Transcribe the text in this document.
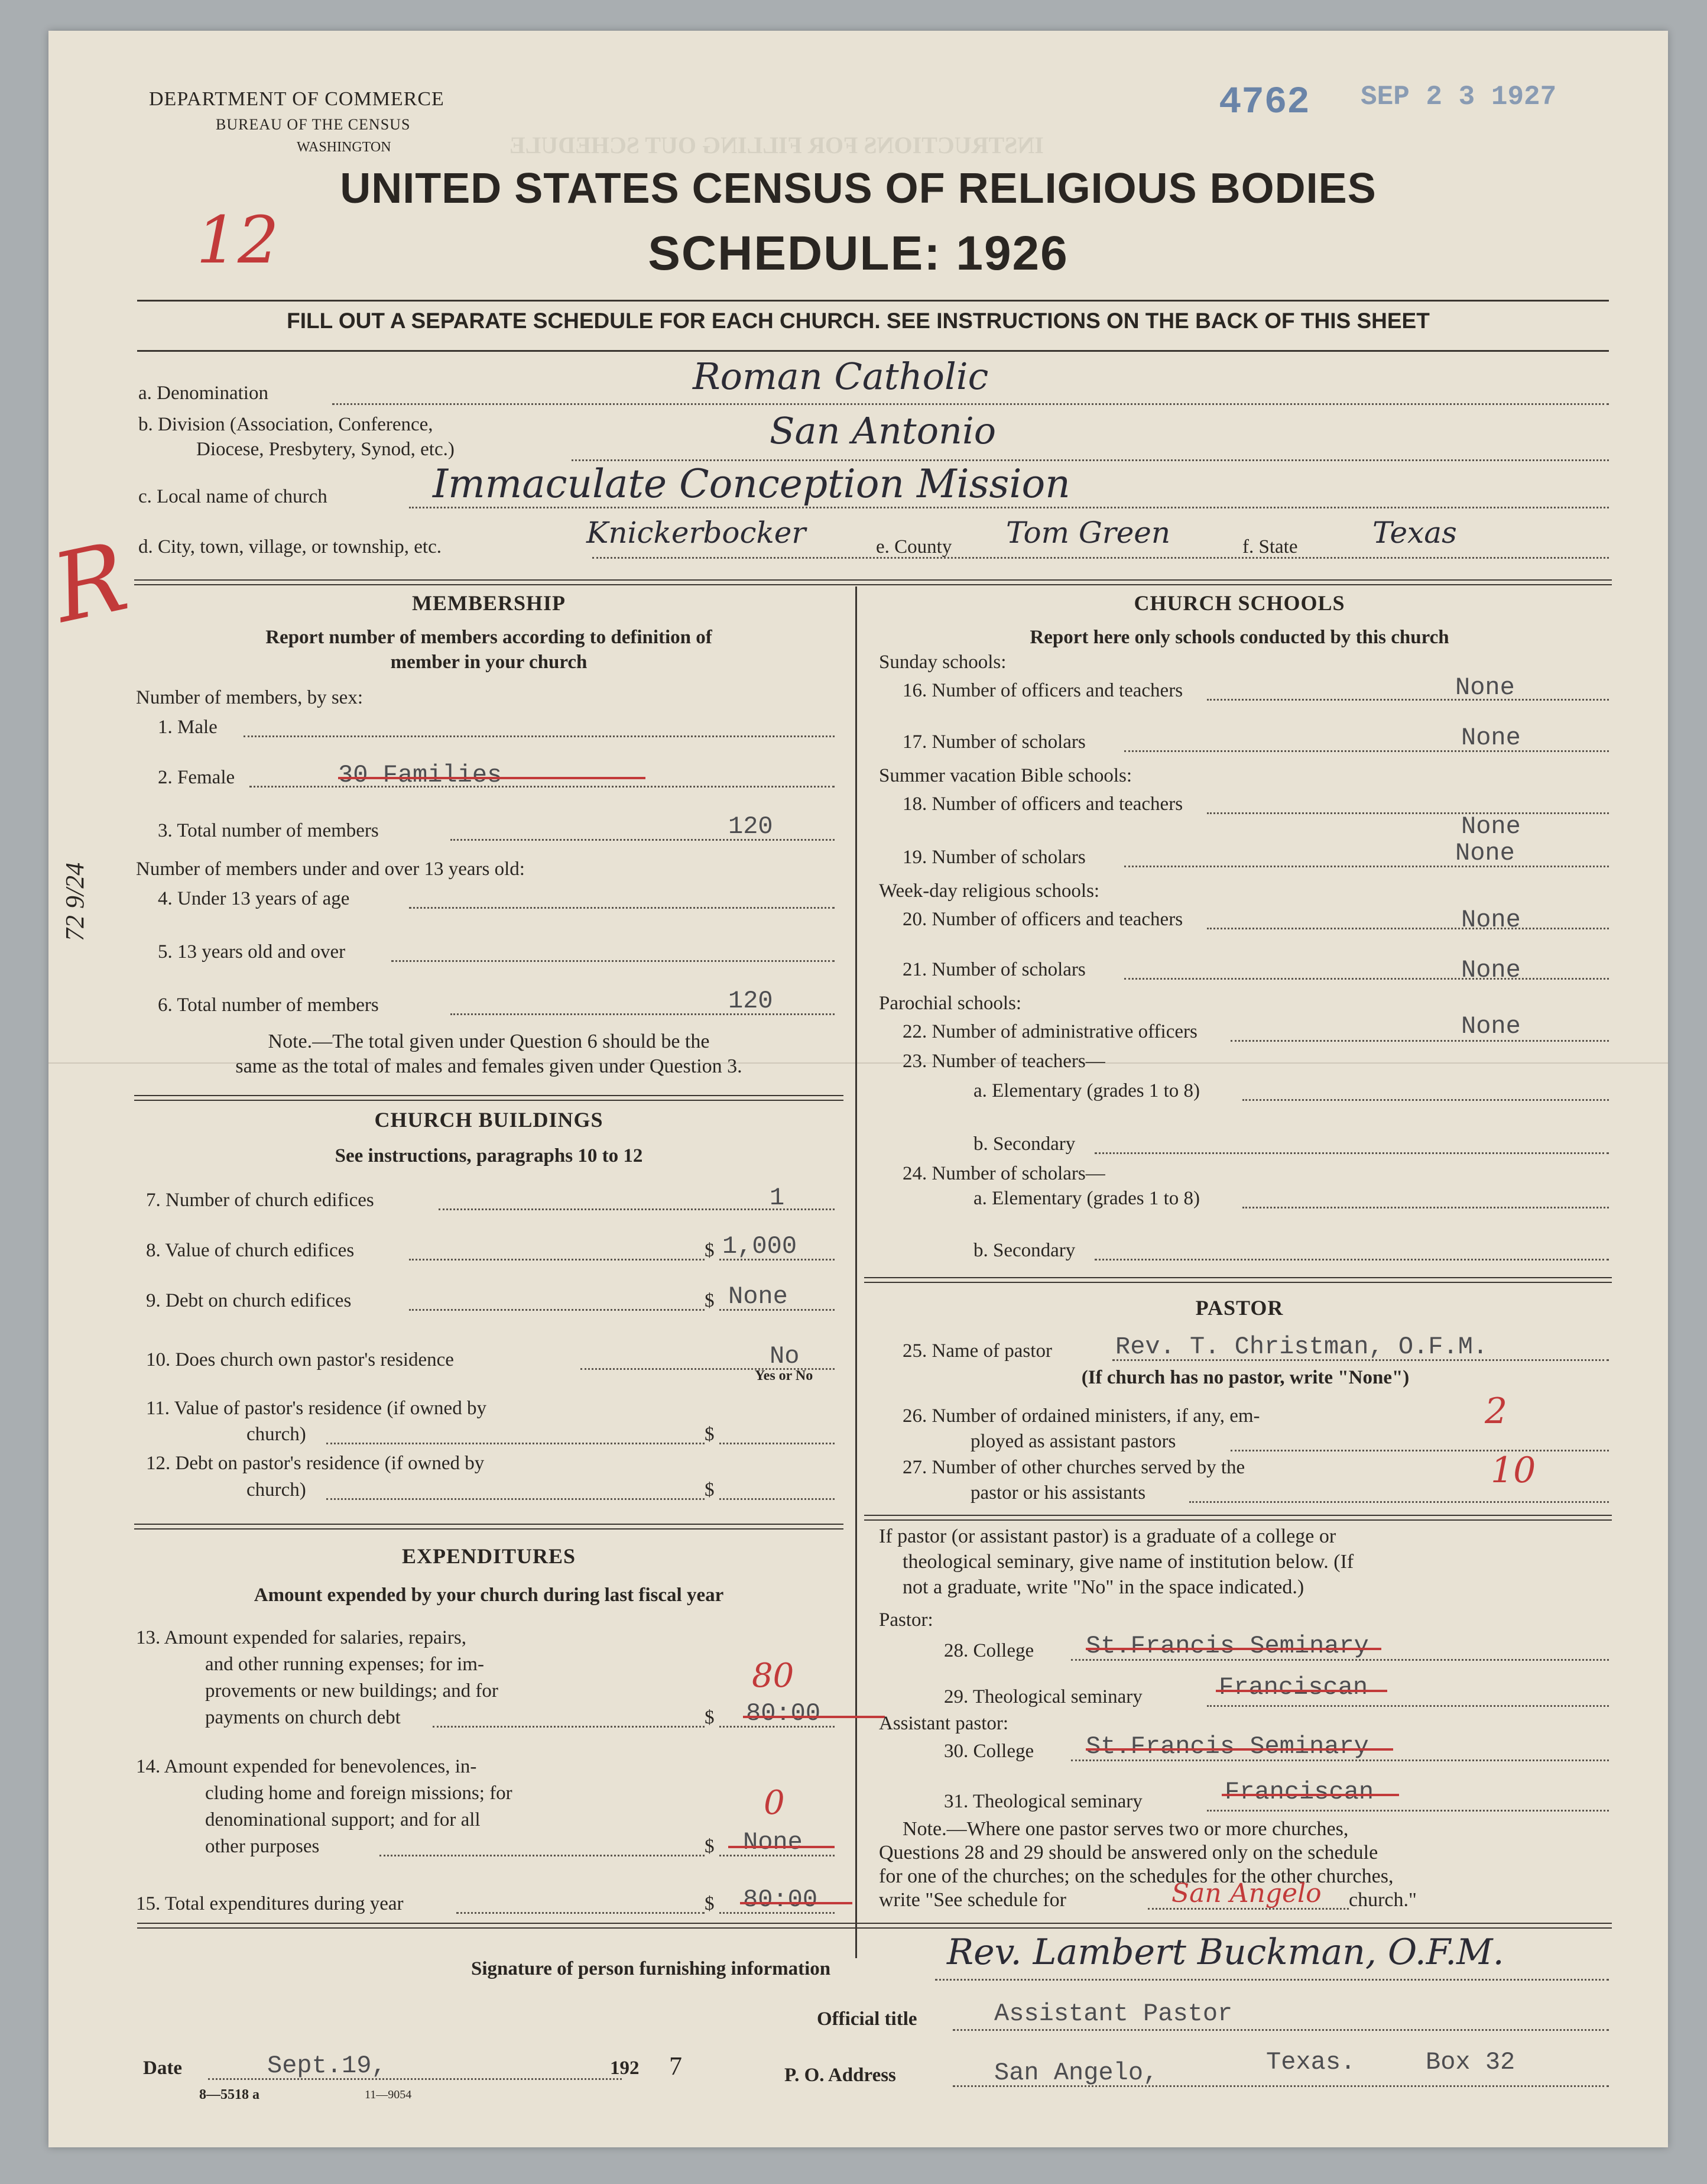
INSTRUCTIONS FOR FILLING OUT SCHEDULE
DEPARTMENT OF COMMERCE
BUREAU OF THE CENSUS
WASHINGTON
4762 SEP 2 3 1927
12
UNITED STATES CENSUS OF RELIGIOUS BODIES
SCHEDULE: 1926
FILL OUT A SEPARATE SCHEDULE FOR EACH CHURCH. SEE INSTRUCTIONS ON THE BACK OF THIS SHEET
a. Denomination	Roman Catholic
b. Division (Association, Conference,
Diocese, Presbytery, Synod, etc.)	San Antonio
c. Local name of church	Immaculate Conception Mission
R d. City, town, village, or township, etc.	Knickerbocker	e. County Tom Green	f. State	Texas
72 9/24
MEMBERSHIP
Report number of members according to definition of
member in your church
Number of members, by sex:
1. Male
2. Female	30 Families
3. Total number of members	120
Number of members under and over 13 years old:
4. Under 13 years of age
5. 13 years old and over
6. Total number of members	120
Note.—The total given under Question 6 should be the
same as the total of males and females given under Question 3.
CHURCH BUILDINGS
See instructions, paragraphs 10 to 12
7. Number of church edifices	1
8. Value of church edifices	$ 1,000
9. Debt on church edifices	$ None
10. Does church own pastor's residence	No
Yes or No
11. Value of pastor's residence (if owned by
church)	$
12. Debt on pastor's residence (if owned by
church)	$
EXPENDITURES
Amount expended by your church during last fiscal year
13. Amount expended for salaries, repairs,
and other running expenses; for im-
provements or new buildings; and for
payments on church debt	$ 80:00
80
14. Amount expended for benevolences, in-
cluding home and foreign missions; for
denominational support; and for all
other purposes	$ None
0
15. Total expenditures during year	$ 80:00
CHURCH SCHOOLS
Report here only schools conducted by this church
Sunday schools:
16. Number of officers and teachers	None
17. Number of scholars	None
Summer vacation Bible schools:
18. Number of officers and teachers
None
19. Number of scholars	None
Week-day religious schools:
20. Number of officers and teachers	None
21. Number of scholars	None
Parochial schools:
22. Number of administrative officers	None
23. Number of teachers—
a. Elementary (grades 1 to 8)
b. Secondary
24. Number of scholars—
a. Elementary (grades 1 to 8)
b. Secondary
PASTOR
25. Name of pastor	Rev. T. Christman, O.F.M.
(If church has no pastor, write "None")
26. Number of ordained ministers, if any, em-
ployed as assistant pastors
2
27. Number of other churches served by the
pastor or his assistants
10
If pastor (or assistant pastor) is a graduate of a college or
theological seminary, give name of institution below. (If
not a graduate, write "No" in the space indicated.)
Pastor:
28. College St.Francis Seminary
29. Theological seminary	Franciscan
Assistant pastor:
30. College St.Francis Seminary
31. Theological seminary	Franciscan
Note.—Where one pastor serves two or more churches,
Questions 28 and 29 should be answered only on the schedule
for one of the churches; on the schedules for the other churches,
write "See schedule for	San Angelo church."
Signature of person furnishing information	Rev. Lambert Buckman, O.F.M.
Official title	Assistant Pastor
Date	Sept.19,	192 7	P. O. Address	San Angelo,	Texas.	Box 32
8—5518 a	11—9054
